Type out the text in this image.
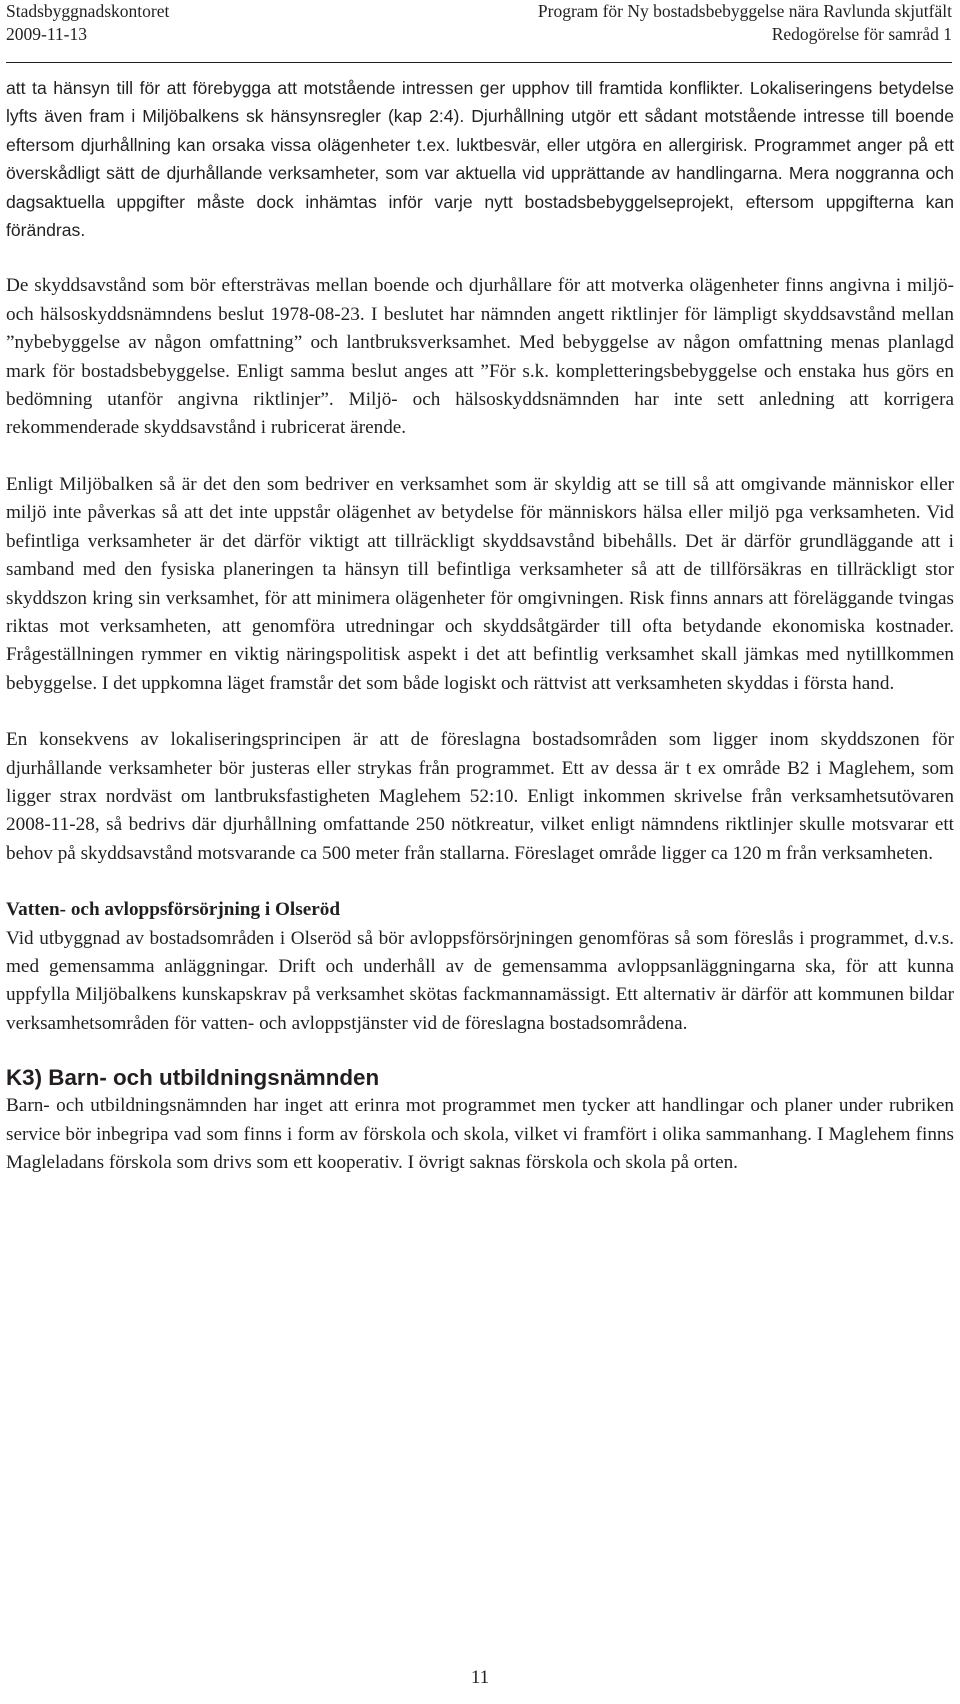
Stadsbyggnadskontoret
2009-11-13
Program för Ny bostadsbebyggelse nära Ravlunda skjutfält
Redogörelse för samråd 1

att ta hänsyn till för att förebygga att motstående intressen ger upphov till framtida konflikter. Lokaliseringens betydelse lyfts även fram i Miljöbalkens sk hänsynsregler (kap 2:4). Djurhållning utgör ett sådant motstående intresse till boende eftersom djurhållning kan orsaka vissa olägenheter t.ex. luktbesvär, eller utgöra en allergirisk. Programmet anger på ett överskådligt sätt de djurhållande verksamheter, som var aktuella vid upprättande av handlingarna. Mera noggranna och dagsaktuella uppgifter måste dock inhämtas inför varje nytt bostadsbebyggelseprojekt, eftersom uppgifterna kan förändras.

De skyddsavstånd som bör eftersträvas mellan boende och djurhållare för att motverka olägenheter finns angivna i miljö- och hälsoskyddsnämndens beslut 1978-08-23. I beslutet har nämnden angett riktlinjer för lämpligt skyddsavstånd mellan ”nybebyggelse av någon omfattning” och lantbruksverksamhet. Med bebyggelse av någon omfattning menas planlagd mark för bostadsbebyggelse. Enligt samma beslut anges att ”För s.k. kompletteringsbebyggelse och enstaka hus görs en bedömning utanför angivna riktlinjer”. Miljö- och hälsoskyddsnämnden har inte sett anledning att korrigera rekommenderade skyddsavstånd i rubricerat ärende.

Enligt Miljöbalken så är det den som bedriver en verksamhet som är skyldig att se till så att omgivande människor eller miljö inte påverkas så att det inte uppstår olägenhet av betydelse för människors hälsa eller miljö pga verksamheten. Vid befintliga verksamheter är det därför viktigt att tillräckligt skyddsavstånd bibehålls. Det är därför grundläggande att i samband med den fysiska planeringen ta hänsyn till befintliga verksamheter så att de tillförsäkras en tillräckligt stor skyddszon kring sin verksamhet, för att minimera olägenheter för omgivningen. Risk finns annars att föreläggande tvingas riktas mot verksamheten, att genomföra utredningar och skyddsåtgärder till ofta betydande ekonomiska kostnader. Frågeställningen rymmer en viktig näringspolitisk aspekt i det att befintlig verksamhet skall jämkas med nytillkommen bebyggelse. I det uppkomna läget framstår det som både logiskt och rättvist att verksamheten skyddas i första hand.

En konsekvens av lokaliseringsprincipen är att de föreslagna bostadsområden som ligger inom skyddszonen för djurhållande verksamheter bör justeras eller strykas från programmet. Ett av dessa är t ex område B2 i Maglehem, som ligger strax nordväst om lantbruksfastigheten Maglehem 52:10. Enligt inkommen skrivelse från verksamhetsutövaren 2008-11-28, så bedrivs där djurhållning omfattande 250 nötkreatur, vilket enligt nämndens riktlinjer skulle motsvarar ett behov på skyddsavstånd motsvarande ca 500 meter från stallarna. Föreslaget område ligger ca 120 m från verksamheten.

Vatten- och avloppsförsörjning i Olseröd

Vid utbyggnad av bostadsområden i Olseröd så bör avloppsförsörjningen genomföras så som föreslås i programmet, d.v.s. med gemensamma anläggningar. Drift och underhåll av de gemensamma avloppsanläggningarna ska, för att kunna uppfylla Miljöbalkens kunskapskrav på verksamhet skötas fackmannamässigt. Ett alternativ är därför att kommunen bildar verksamhetsområden för vatten- och avloppstjänster vid de föreslagna bostadsområdena.

K3) Barn- och utbildningsnämnden

Barn- och utbildningsnämnden har inget att erinra mot programmet men tycker att handlingar och planer under rubriken service bör inbegripa vad som finns i form av förskola och skola, vilket vi framfört i olika sammanhang. I Maglehem finns Magleladans förskola som drivs som ett kooperativ. I övrigt saknas förskola och skola på orten.

11
